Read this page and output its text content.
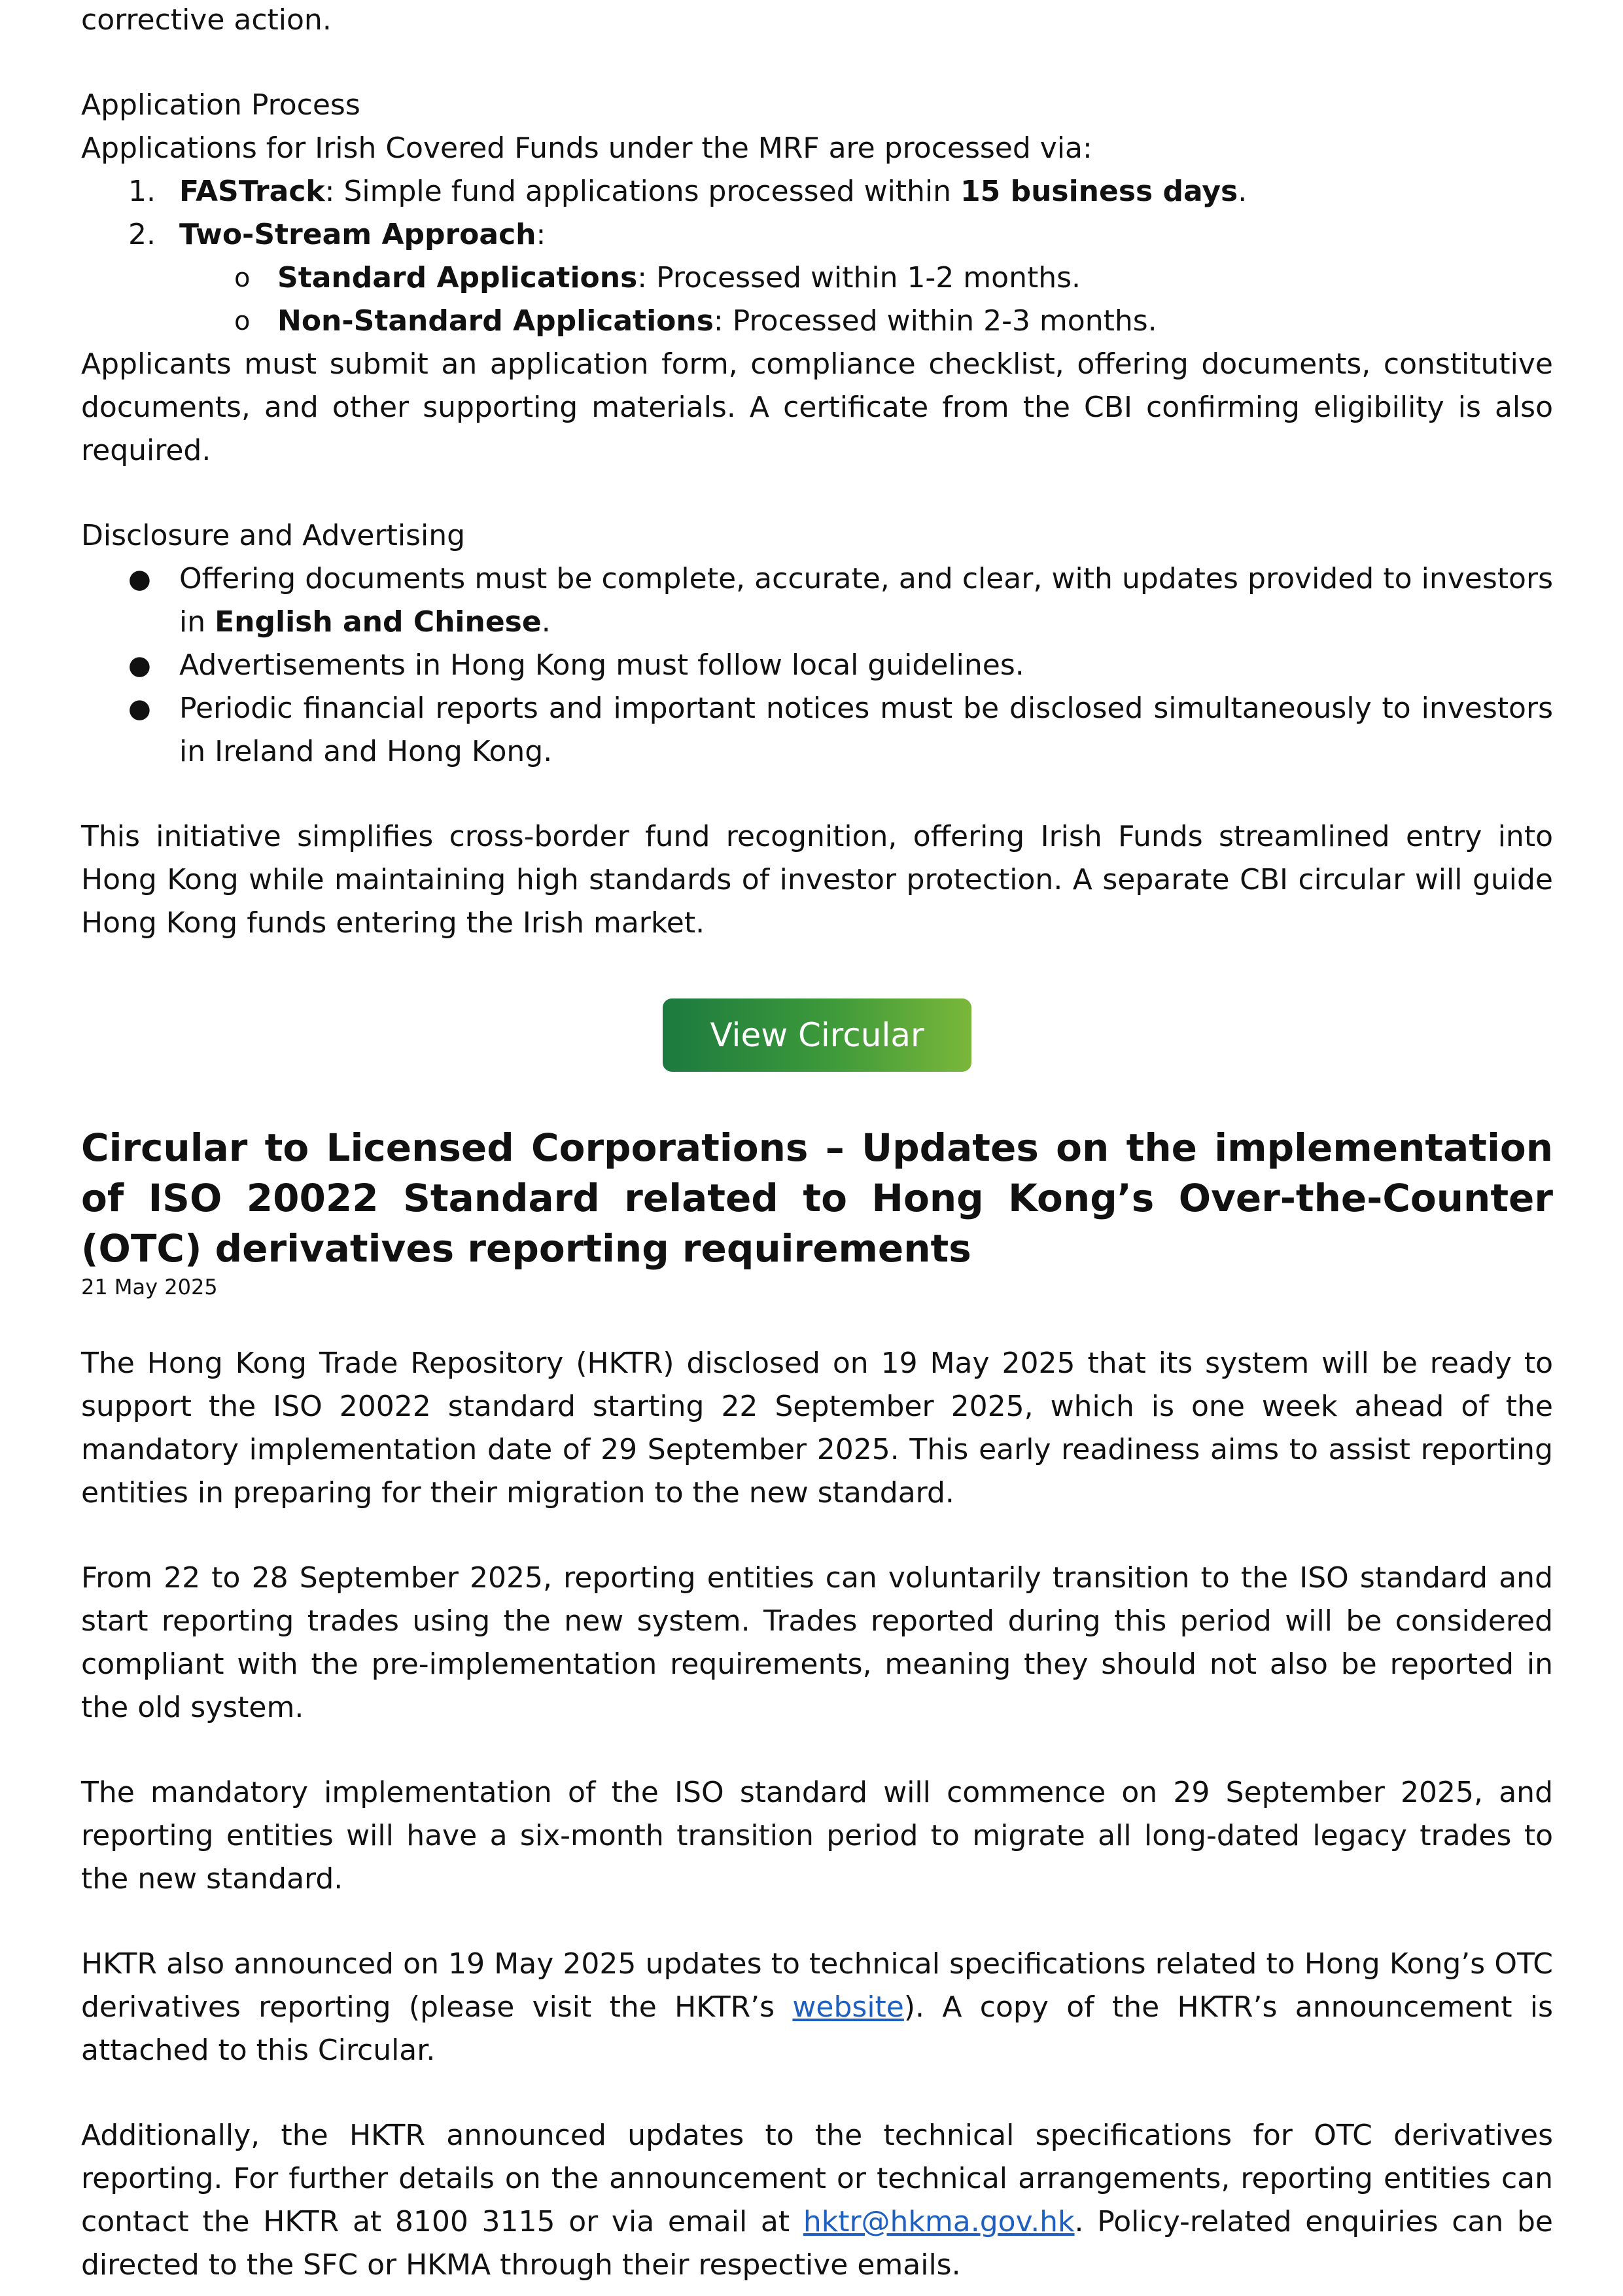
corrective action.

Application Process

Applications for Irish Covered Funds under the MRF are processed via:

1. FASTrack: Simple fund applications processed within 15 business days.
2. Two-Stream Approach:
o Standard Applications: Processed within 1-2 months.
o Non-Standard Applications: Processed within 2-3 months.

Applicants must submit an application form, compliance checklist, offering documents, constitutive documents, and other supporting materials. A certificate from the CBI confirming eligibility is also required.

Disclosure and Advertising
● Offering documents must be complete, accurate, and clear, with updates provided to investors in English and Chinese.
● Advertisements in Hong Kong must follow local guidelines.
● Periodic financial reports and important notices must be disclosed simultaneously to investors in Ireland and Hong Kong.

This initiative simplifies cross-border fund recognition, offering Irish Funds streamlined entry into Hong Kong while maintaining high standards of investor protection. A separate CBI circular will guide Hong Kong funds entering the Irish market.

View Circular
Circular to Licensed Corporations – Updates on the implementation of ISO 20022 Standard related to Hong Kong’s Over-the-Counter (OTC) derivatives reporting requirements
21 May 2025

The Hong Kong Trade Repository (HKTR) disclosed on 19 May 2025 that its system will be ready to support the ISO 20022 standard starting 22 September 2025, which is one week ahead of the mandatory implementation date of 29 September 2025. This early readiness aims to assist reporting entities in preparing for their migration to the new standard.

From 22 to 28 September 2025, reporting entities can voluntarily transition to the ISO standard and start reporting trades using the new system. Trades reported during this period will be considered compliant with the pre-implementation requirements, meaning they should not also be reported in the old system.

The mandatory implementation of the ISO standard will commence on 29 September 2025, and reporting entities will have a six-month transition period to migrate all long-dated legacy trades to the new standard.

HKTR also announced on 19 May 2025 updates to technical specifications related to Hong Kong’s OTC derivatives reporting (please visit the HKTR’s website). A copy of the HKTR’s announcement is attached to this Circular.

Additionally, the HKTR announced updates to the technical specifications for OTC derivatives reporting. For further details on the announcement or technical arrangements, reporting entities can contact the HKTR at 8100 3115 or via email at hktr@hkma.gov.hk. Policy-related enquiries can be directed to the SFC or HKMA through their respective emails.
